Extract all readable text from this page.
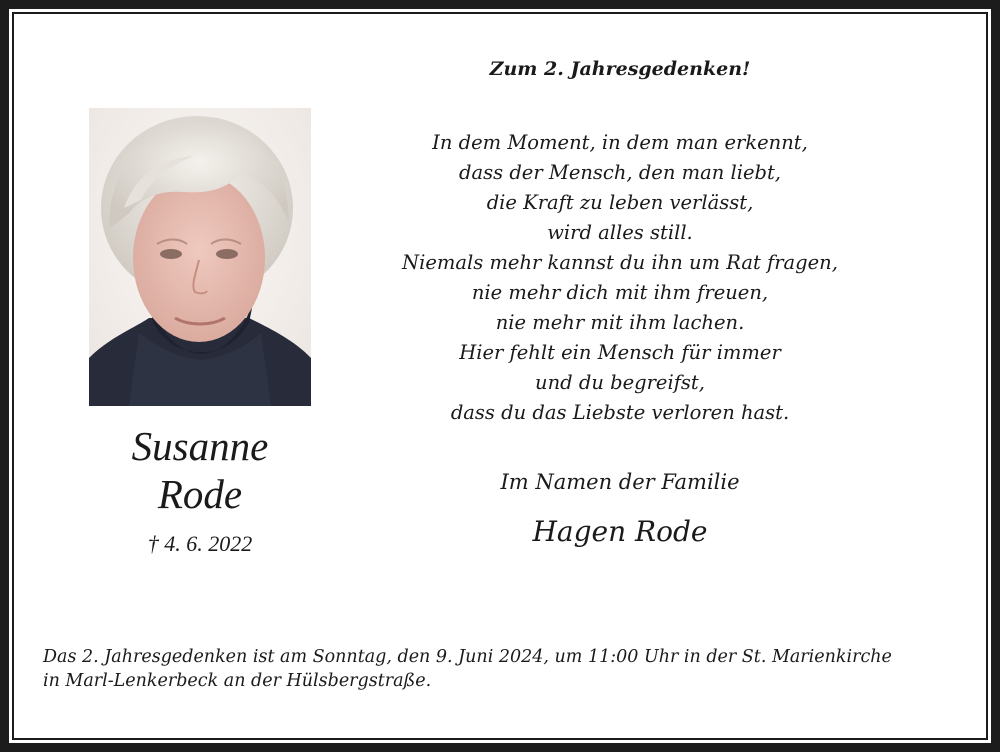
Susanne
Rode
† 4. 6. 2022
Zum 2. Jahresgedenken!
In dem Moment, in dem man erkennt,
dass der Mensch, den man liebt,
die Kraft zu leben verlässt,
wird alles still.
Niemals mehr kannst du ihn um Rat fragen,
nie mehr dich mit ihm freuen,
nie mehr mit ihm lachen.
Hier fehlt ein Mensch für immer
und du begreifst,
dass du das Liebste verloren hast.
Im Namen der Familie
Hagen Rode
Das 2. Jahresgedenken ist am Sonntag, den 9. Juni 2024, um 11:00 Uhr in der St. Marienkirche
in Marl-Lenkerbeck an der Hülsbergstraße.
